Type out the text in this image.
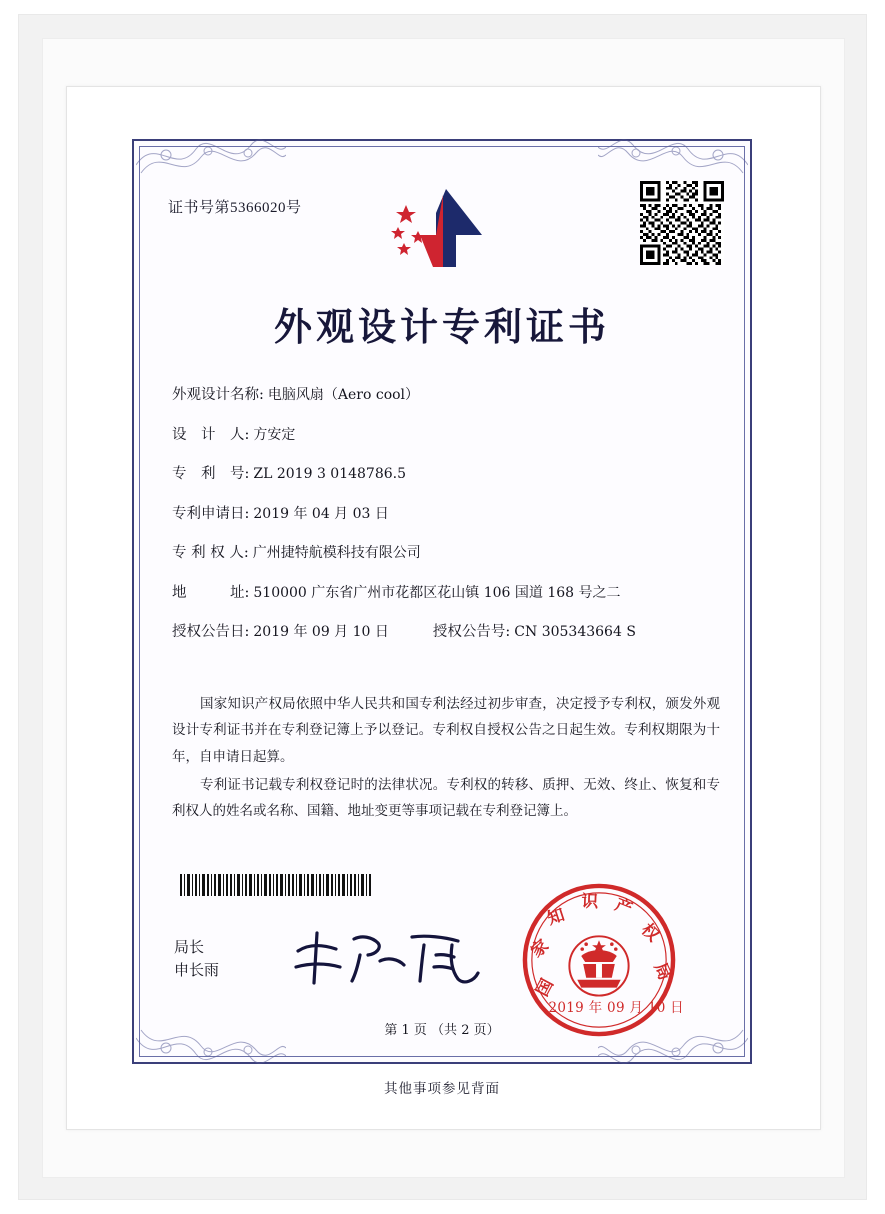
证书号第5366020号
外观设计专利证书
外观设计名称: 电脑风扇（Aero cool）
设　计　人: 方安定
专　利　号: ZL 2019 3 0148786.5
专利申请日: 2019 年 04 月 03 日
专 利 权 人: 广州捷特航模科技有限公司
地　　　址: 510000 广东省广州市花都区花山镇 106 国道 168 号之二
授权公告日: 2019 年 09 月 10 日	授权公告号: CN 305343664 S

国家知识产权局依照中华人民共和国专利法经过初步审查，决定授予专利权，颁发外观设计专利证书并在专利登记簿上予以登记。专利权自授权公告之日起生效。专利权期限为十年，自申请日起算。

专利证书记载专利权登记时的法律状况。专利权的转移、质押、无效、终止、恢复和专利权人的姓名或名称、国籍、地址变更等事项记载在专利登记簿上。

局长
申长雨
国
家
知
识 产
权
局
2019 年 09 月 10 日
第 1 页 （共 2 页）
其他事项参见背面
